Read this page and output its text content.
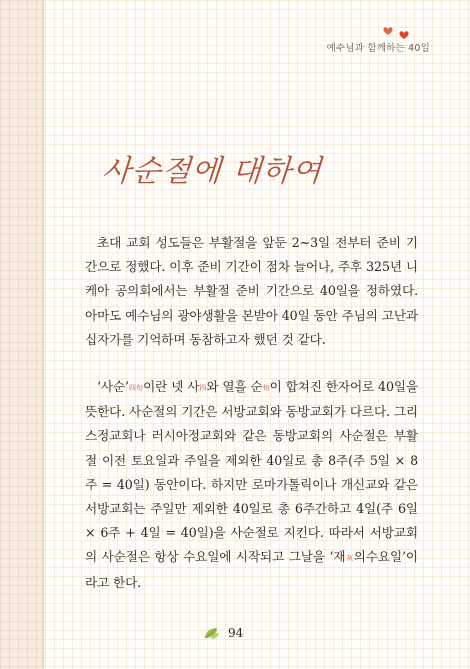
예수님과 함께하는 40일
사순절에 대하여

초대 교회 성도들은 부활절을 앞둔 2~3일 전부터 준비 기간으로 정했다. 이후 준비 기간이 점차 늘어나, 주후 325년 니케아 공의회에서는 부활절 준비 기간으로 40일을 정하였다. 아마도 예수님의 광야생활을 본받아 40일 동안 주님의 고난과 십자가를 기억하며 동참하고자 했던 것 같다.

‘사순’四旬이란 넷 사四와 열흘 순旬이 합쳐진 한자어로 40일을 뜻한다. 사순절의 기간은 서방교회와 동방교회가 다르다. 그리스정교회나 러시아정교회와 같은 동방교회의 사순절은 부활절 이전 토요일과 주일을 제외한 40일로 총 8주(주 5일 × 8주 = 40일) 동안이다. 하지만 로마가톨릭이나 개신교와 같은 서방교회는 주일만 제외한 40일로 총 6주간하고 4일(주 6일 × 6주 + 4일 = 40일)을 사순절로 지킨다. 따라서 서방교회의 사순절은 항상 수요일에 시작되고 그날을 ‘재灰의수요일’이라고 한다.

94
